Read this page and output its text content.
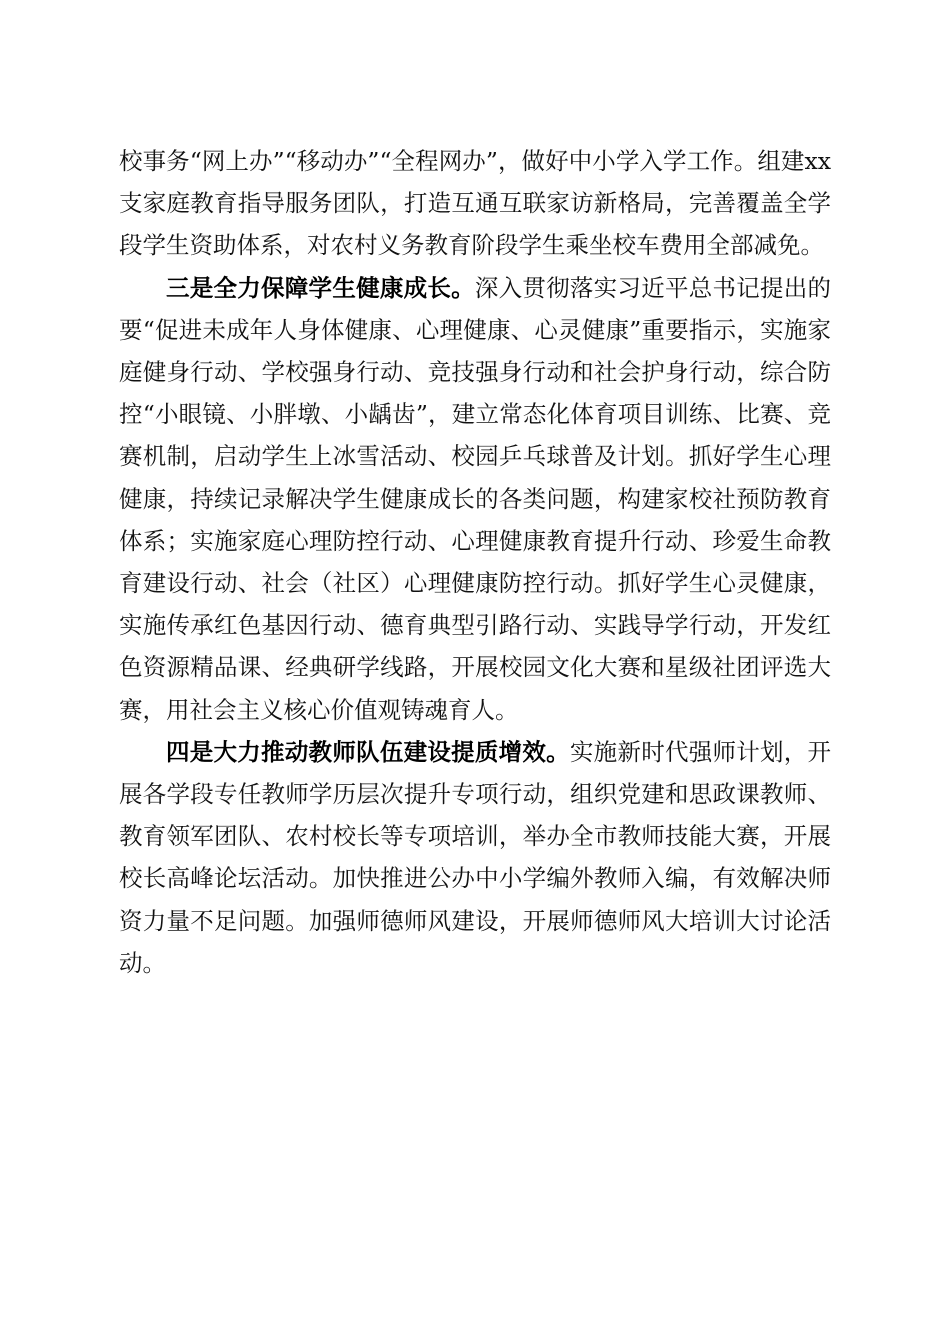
校事务“网上办”“移动办”“全程网办”，做好中小学入学工作。组建xx支家庭教育指导服务团队，打造互通互联家访新格局，完善覆盖全学段学生资助体系，对农村义务教育阶段学生乘坐校车费用全部减免。

三是全力保障学生健康成长。深入贯彻落实习近平总书记提出的要“促进未成年人身体健康、心理健康、心灵健康”重要指示，实施家庭健身行动、学校强身行动、竞技强身行动和社会护身行动，综合防控“小眼镜、小胖墩、小龋齿”，建立常态化体育项目训练、比赛、竞赛机制，启动学生上冰雪活动、校园乒乓球普及计划。抓好学生心理健康，持续记录解决学生健康成长的各类问题，构建家校社预防教育体系；实施家庭心理防控行动、心理健康教育提升行动、珍爱生命教育建设行动、社会（社区）心理健康防控行动。抓好学生心灵健康，实施传承红色基因行动、德育典型引路行动、实践导学行动，开发红色资源精品课、经典研学线路，开展校园文化大赛和星级社团评选大赛，用社会主义核心价值观铸魂育人。

四是大力推动教师队伍建设提质增效。实施新时代强师计划，开展各学段专任教师学历层次提升专项行动，组织党建和思政课教师、教育领军团队、农村校长等专项培训，举办全市教师技能大赛，开展校长高峰论坛活动。加快推进公办中小学编外教师入编，有效解决师资力量不足问题。加强师德师风建设，开展师德师风大培训大讨论活动。
